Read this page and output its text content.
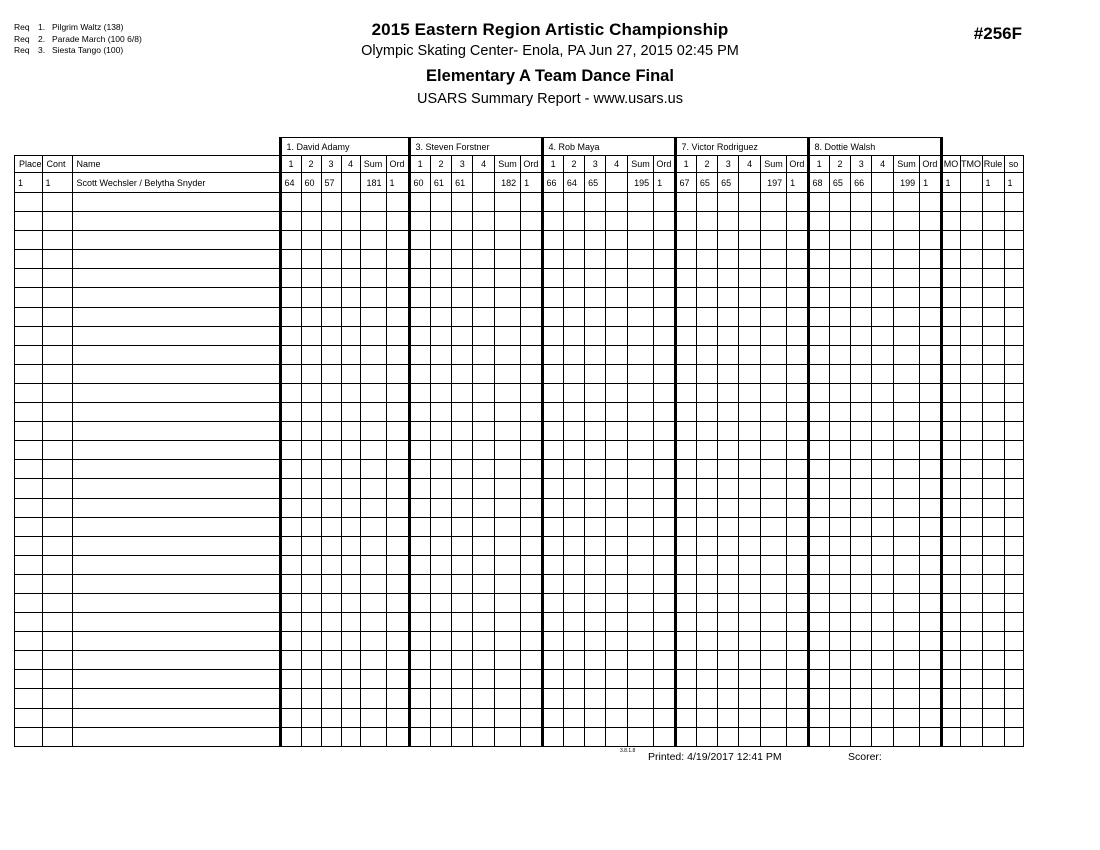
Req 1. Pilgrim Waltz (138)
Req 2. Parade March (100 6/8)
Req 3. Siesta Tango (100)
2015 Eastern Region Artistic Championship
Olympic Skating Center- Enola, PA Jun 27, 2015 02:45 PM
Elementary A Team Dance Final
USARS Summary Report - www.usars.us
#256F
			1. David Adamy						3. Steven Forstner						4. Rob Maya						7. Victor Rodriguez						8. Dottie Walsh									
Place	Cont	Name	1	2	3	4	Sum	Ord	1	2	3	4	Sum	Ord	1	2	3	4	Sum	Ord	1	2	3	4	Sum	Ord	1	2	3	4	Sum	Ord	MO	TMO	Rule	so
1	1	Scott Wechsler / Belytha Snyder	64	60	57		181	1	60	61	61		182	1	66	64	65		195	1	67	65	65		197	1	68	65	66		199	1	1		1	1

3.8.1.8 Printed: 4/19/2017 12:41 PM	Scorer:
